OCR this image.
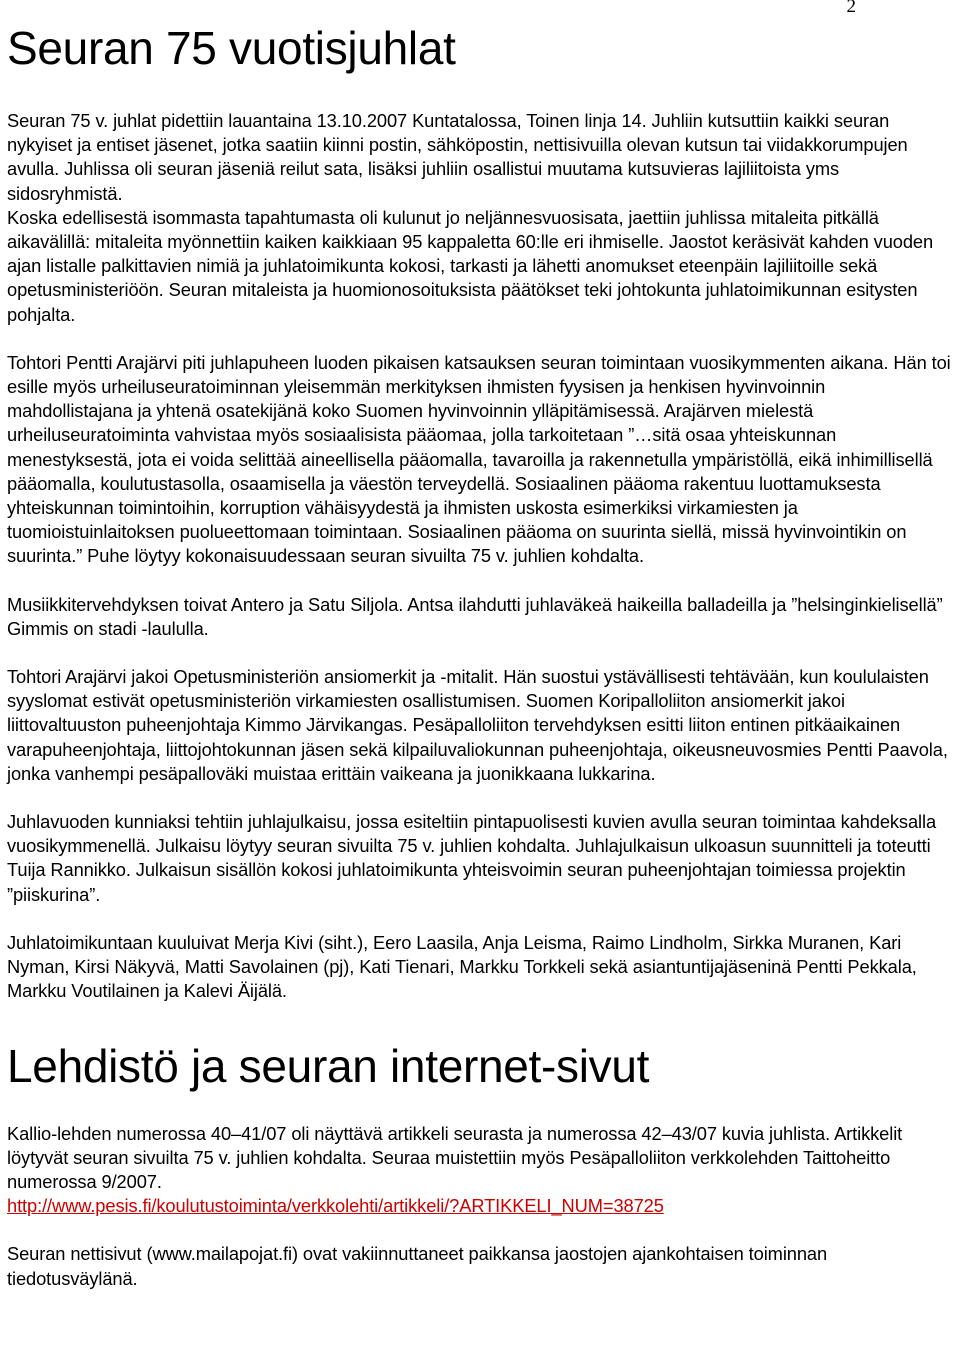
2
Seuran 75 vuotisjuhlat

Seuran 75 v. juhlat pidettiin lauantaina 13.10.2007 Kuntatalossa, Toinen linja 14. Juhliin kutsuttiin kaikki seuran nykyiset ja entiset jäsenet, jotka saatiin kiinni postin, sähköpostin, nettisivuilla olevan kutsun tai viidakkorumpujen avulla. Juhlissa oli seuran jäseniä reilut sata, lisäksi juhliin osallistui muutama kutsuvieras lajiliitoista yms sidosryhmistä.

Koska edellisestä isommasta tapahtumasta oli kulunut jo neljännesvuosisata, jaettiin juhlissa mitaleita pitkällä aikavälillä: mitaleita myönnettiin kaiken kaikkiaan 95 kappaletta 60:lle eri ihmiselle. Jaostot keräsivät kahden vuoden ajan listalle palkittavien nimiä ja juhlatoimikunta kokosi, tarkasti ja lähetti anomukset eteenpäin lajiliitoille sekä opetusministeriöön. Seuran mitaleista ja huomionosoituksista päätökset teki johtokunta juhlatoimikunnan esitysten pohjalta.

Tohtori Pentti Arajärvi piti juhlapuheen luoden pikaisen katsauksen seuran toimintaan vuosikymmenten aikana. Hän toi esille myös urheiluseuratoiminnan yleisemmän merkityksen ihmisten fyysisen ja henkisen hyvinvoinnin mahdollistajana ja yhtenä osatekijänä koko Suomen hyvinvoinnin ylläpitämisessä. Arajärven mielestä urheiluseuratoiminta vahvistaa myös sosiaalisista pääomaa, jolla tarkoitetaan ”…sitä osaa yhteiskunnan menestyksestä, jota ei voida selittää aineellisella pääomalla, tavaroilla ja rakennetulla ympäristöllä, eikä inhimillisellä pääomalla, koulutustasolla, osaamisella ja väestön terveydellä. Sosiaalinen pääoma rakentuu luottamuksesta yhteiskunnan toimintoihin, korruption vähäisyydestä ja ihmisten uskosta esimerkiksi virkamiesten ja tuomioistuinlaitoksen puolueettomaan toimintaan. Sosiaalinen pääoma on suurinta siellä, missä hyvinvointikin on suurinta.” Puhe löytyy kokonaisuudessaan seuran sivuilta 75 v. juhlien kohdalta.

Musiikkitervehdyksen toivat Antero ja Satu Siljola. Antsa ilahdutti juhlaväkeä haikeilla balladeilla ja ”helsinginkielisellä” Gimmis on stadi -laululla.

Tohtori Arajärvi jakoi Opetusministeriön ansiomerkit ja -mitalit. Hän suostui ystävällisesti tehtävään, kun koululaisten syyslomat estivät opetusministeriön virkamiesten osallistumisen. Suomen Koripalloliiton ansiomerkit jakoi liittovaltuuston puheenjohtaja Kimmo Järvikangas. Pesäpalloliiton tervehdyksen esitti liiton entinen pitkäaikainen varapuheenjohtaja, liittojohtokunnan jäsen sekä kilpailuvaliokunnan puheenjohtaja, oikeusneuvosmies Pentti Paavola, jonka vanhempi pesäpalloväki muistaa erittäin vaikeana ja juonikkaana lukkarina.

Juhlavuoden kunniaksi tehtiin juhlajulkaisu, jossa esiteltiin pintapuolisesti kuvien avulla seuran toimintaa kahdeksalla vuosikymmenellä. Julkaisu löytyy seuran sivuilta 75 v. juhlien kohdalta. Juhlajulkaisun ulkoasun suunnitteli ja toteutti Tuija Rannikko. Julkaisun sisällön kokosi juhlatoimikunta yhteisvoimin seuran puheenjohtajan toimiessa projektin ”piiskurina”.

Juhlatoimikuntaan kuuluivat Merja Kivi (siht.), Eero Laasila, Anja Leisma, Raimo Lindholm, Sirkka Muranen, Kari Nyman, Kirsi Näkyvä, Matti Savolainen (pj), Kati Tienari, Markku Torkkeli sekä asiantuntijajäseninä Pentti Pekkala, Markku Voutilainen ja Kalevi Äijälä.

Lehdistö ja seuran internet-sivut

Kallio-lehden numerossa 40–41/07 oli näyttävä artikkeli seurasta ja numerossa 42–43/07 kuvia juhlista. Artikkelit löytyvät seuran sivuilta 75 v. juhlien kohdalta. Seuraa muistettiin myös Pesäpalloliiton verkkolehden Taittoheitto numerossa 9/2007.
http://www.pesis.fi/koulutustoiminta/verkkolehti/artikkeli/?ARTIKKELI_NUM=38725

Seuran nettisivut (www.mailapojat.fi) ovat vakiinnuttaneet paikkansa jaostojen ajankohtaisen toiminnan tiedotusväylänä.
